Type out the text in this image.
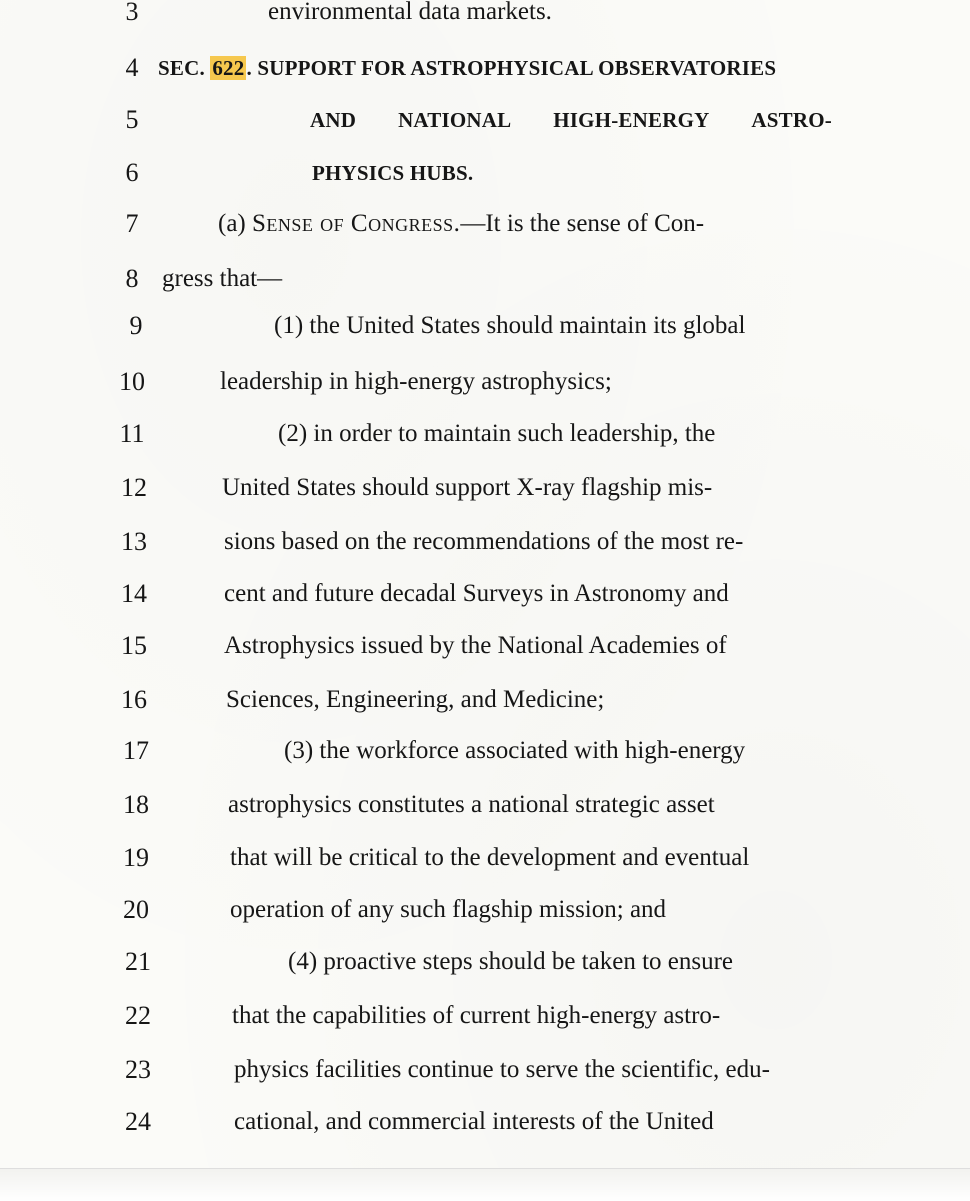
3	environmental data markets.
4 SEC. 622. SUPPORT FOR ASTROPHYSICAL OBSERVATORIES
5	AND NATIONAL HIGH-ENERGY ASTRO-
6	PHYSICS HUBS.
7	(a) Sense of Congress.—It is the sense of Con-
8 gress that—
9	(1) the United States should maintain its global
10	leadership in high-energy astrophysics;
11	(2) in order to maintain such leadership, the
12	United States should support X-ray flagship mis-
13	sions based on the recommendations of the most re-
14	cent and future decadal Surveys in Astronomy and
15	Astrophysics issued by the National Academies of
16	Sciences, Engineering, and Medicine;
17	(3) the workforce associated with high-energy
18	astrophysics constitutes a national strategic asset
19	that will be critical to the development and eventual
20	operation of any such flagship mission; and
21	(4) proactive steps should be taken to ensure
22	that the capabilities of current high-energy astro-
23	physics facilities continue to serve the scientific, edu-
24	cational, and commercial interests of the United
